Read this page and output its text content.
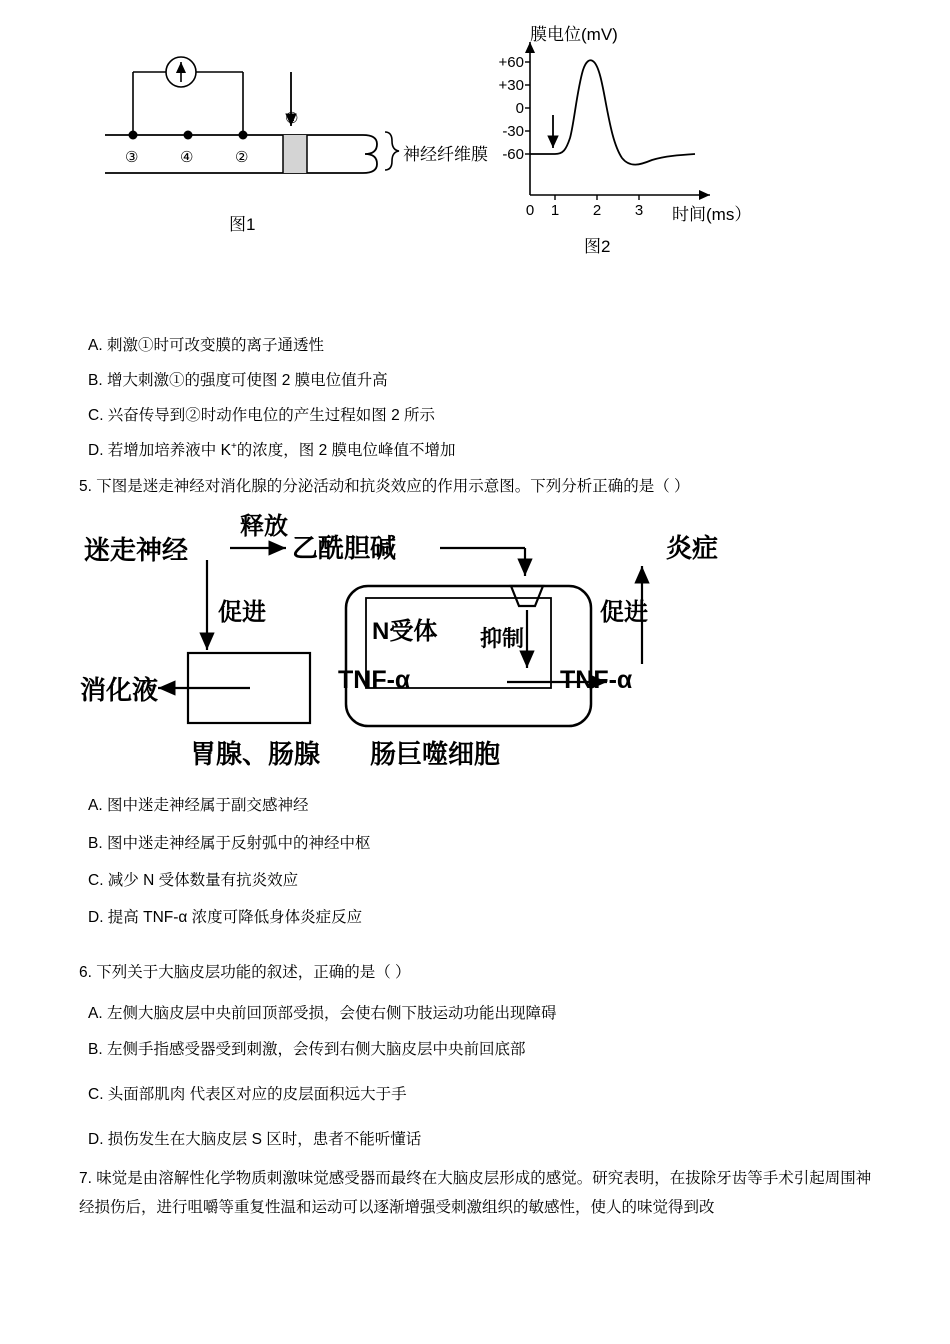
③	④	②
①
神经纤维膜
图1
膜电位(mV)
+60
+30
0
-30
-60
0 1 2 3 时间(ms）
图2
A. 刺激①时可改变膜的离子通透性
B. 增大刺激①的强度可使图 2 膜电位值升高
C. 兴奋传导到②时动作电位的产生过程如图 2 所示
D. 若增加培养液中 K+的浓度，图 2 膜电位峰值不增加
5. 下图是迷走神经对消化腺的分泌活动和抗炎效应的作用示意图。下列分析正确的是（ ）
迷走神经
释放
乙酰胆碱
促进	促进
炎症
N受体 抑制
TNF-α	TNF-α
消化液
胃腺、肠腺 肠巨噬细胞
A. 图中迷走神经属于副交感神经
B. 图中迷走神经属于反射弧中的神经中枢
C. 减少 N 受体数量有抗炎效应
D. 提高 TNF-α 浓度可降低身体炎症反应
6. 下列关于大脑皮层功能的叙述，正确的是（ ）
A. 左侧大脑皮层中央前回顶部受损，会使右侧下肢运动功能出现障碍
B. 左侧手指感受器受到刺激，会传到右侧大脑皮层中央前回底部
C. 头面部肌肉 代表区对应的皮层面积远大于手
D. 损伤发生在大脑皮层 S 区时，患者不能听懂话
7. 味觉是由溶解性化学物质刺激味觉感受器而最终在大脑皮层形成的感觉。研究表明，在拔除牙齿等手术引起周围神经损伤后，进行咀嚼等重复性温和运动可以逐渐增强受刺激组织的敏感性，使人的味觉得到改
